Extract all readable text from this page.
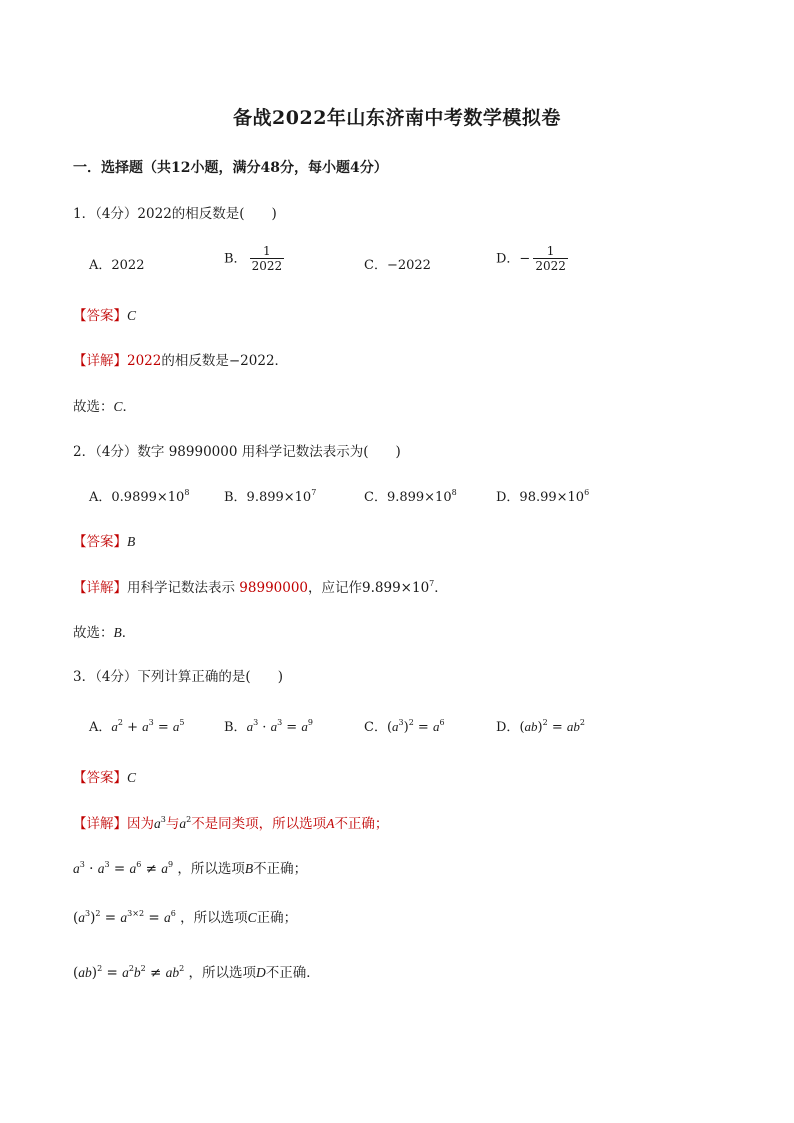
备战2022年山东济南中考数学模拟卷
一．选择题（共12小题，满分48分，每小题4分）
1．（4分）2022的相反数是(　　)
A．2022	B． $\frac{1}{2022}$	C．−2022	D．− $\frac{1}{2022}$
【答案】C
【详解】2022的相反数是−2022．
故选：C．
2．（4分）数字 98990000 用科学记数法表示为(　　)
A．$0.9899\times 10^8$	B．$9.899\times 10^7$	C．$9.899\times 10^8$	D．$98.99\times 10^6$
【答案】B
【详解】用科学记数法表示 98990000，应记作$9.899\times 10^7$．
故选：B．
3．（4分）下列计算正确的是(　　)
A．$a^2 + a^3 = a^5$	B．$a^3 \cdot a^3 = a^9$	C．$(a^3)^2 = a^6$	D．$(ab)^2 = ab^2$
【答案】C
【详解】因为$a^3$与$a^2$不是同类项，所以选项A不正确；
$a^3 \cdot a^3 = a^6 \ne a^9$ ，所以选项B不正确；
$(a^3)^2 = a^{3\times 2} = a^6$ ，所以选项C正确；
$(ab)^2 = a^2b^2 \ne ab^2$ ，所以选项D不正确．
